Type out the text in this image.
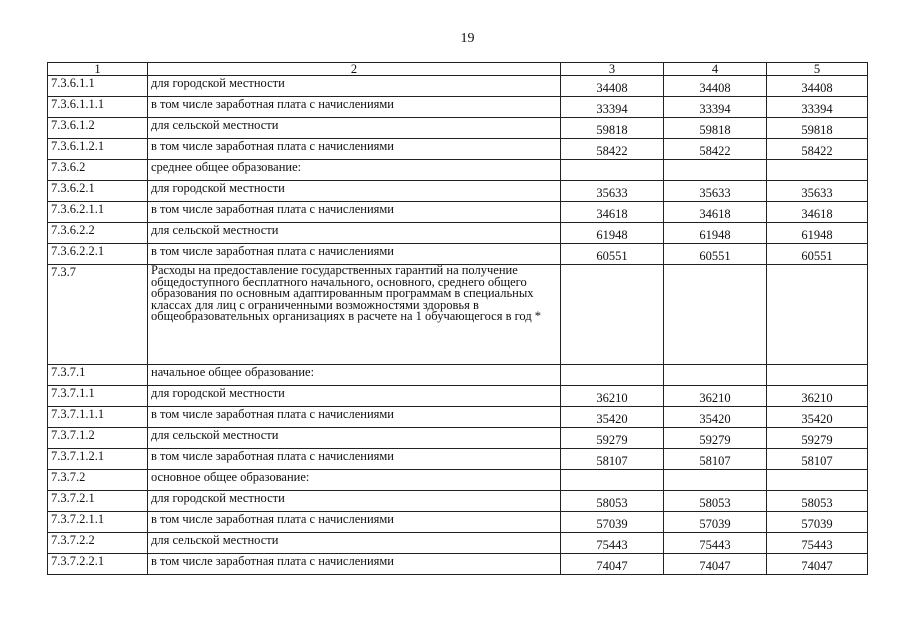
19
1	2	3	4	5
7.3.6.1.1	для городской местности	34408	34408	34408
7.3.6.1.1.1	в том числе заработная плата с начислениями	33394	33394	33394
7.3.6.1.2	для сельской местности	59818	59818	59818
7.3.6.1.2.1	в том числе заработная плата с начислениями	58422	58422	58422
7.3.6.2	среднее общее образование:			
7.3.6.2.1	для городской местности	35633	35633	35633
7.3.6.2.1.1	в том числе заработная плата с начислениями	34618	34618	34618
7.3.6.2.2	для сельской местности	61948	61948	61948
7.3.6.2.2.1	в том числе заработная плата с начислениями	60551	60551	60551
7.3.7	Расходы на предоставление государственных гарантий на получение общедоступного бесплатного начального, основного, среднего общего образования по основным адаптированным программам в специальных классах для лиц с ограниченными возможностями здоровья в общеобразовательных организациях в расчете на 1 обучающегося в год *			
7.3.7.1	начальное общее образование:			
7.3.7.1.1	для городской местности	36210	36210	36210
7.3.7.1.1.1	в том числе заработная плата с начислениями	35420	35420	35420
7.3.7.1.2	для сельской местности	59279	59279	59279
7.3.7.1.2.1	в том числе заработная плата с начислениями	58107	58107	58107
7.3.7.2	основное общее образование:			
7.3.7.2.1	для городской местности	58053	58053	58053
7.3.7.2.1.1	в том числе заработная плата с начислениями	57039	57039	57039
7.3.7.2.2	для сельской местности	75443	75443	75443
7.3.7.2.2.1	в том числе заработная плата с начислениями	74047	74047	74047
